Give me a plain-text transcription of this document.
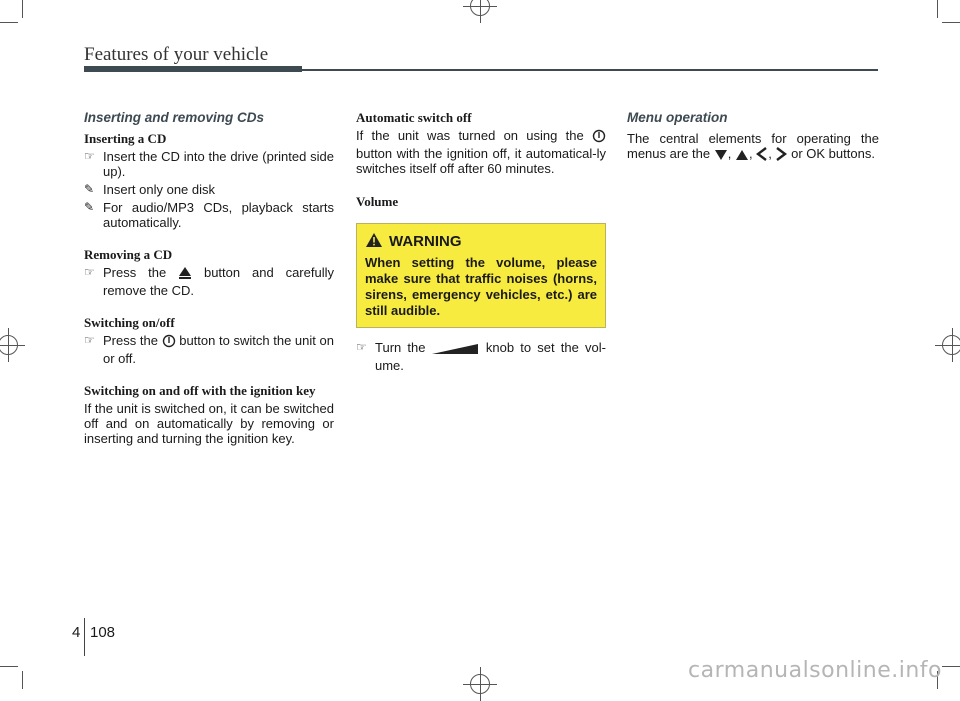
Features of your vehicle
Inserting and removing CDs
Inserting a CD
☞ Insert the CD into the drive (printed side up).
✎ Insert only one disk
✎ For audio/MP3 CDs, playback starts automatically.
Removing a CD
☞ Press the	button and carefully remove the CD.
Switching on/off
☞ Press the button to switch the unit on or off.
Switching on and off with the ignition key
If the unit is switched on, it can be switched off and on automatically by removing or inserting and turning the ignition key.
Automatic switch off
If the unit was turned on using the  button with the ignition off, it automatical-ly switches itself off after 60 minutes.
Volume
WARNING
When setting the volume, please make sure that traffic noises (horns, sirens, emergency vehicles, etc.) are still audible.
☞ Turn the	knob to set the vol-ume.
Menu operation
The central elements for operating the menus are the , , , or OK buttons.
4 108
carmanualsonline.info
